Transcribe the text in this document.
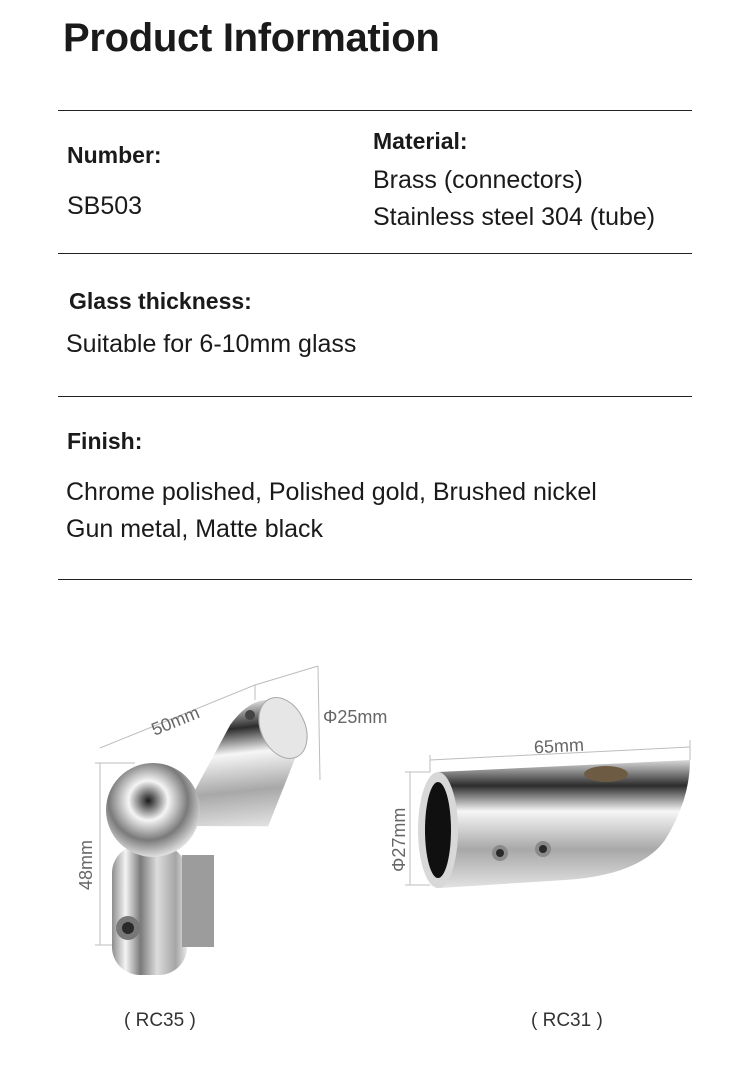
Product Information
Number:
SB503
Material:
Brass (connectors)
Stainless steel 304 (tube)
Glass thickness:
Suitable for 6-10mm glass
Finish:
Chrome polished, Polished gold, Brushed nickel
Gun metal, Matte black
50mm	Φ25mm
48mm
65mm
Φ27mm
( RC35 )	( RC31 )
